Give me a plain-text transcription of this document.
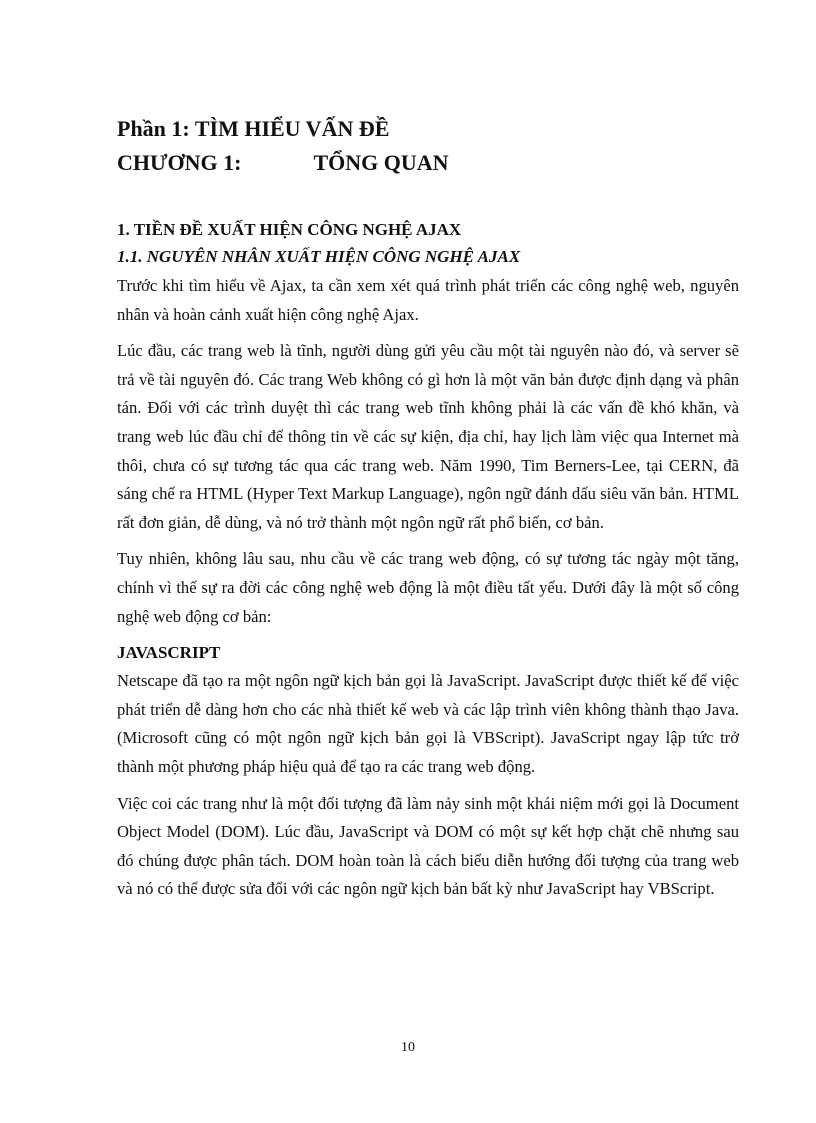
Phần 1: TÌM HIỂU VẤN ĐỀ
CHƯƠNG 1:	TỔNG QUAN
1. TIỀN ĐỀ XUẤT HIỆN CÔNG NGHỆ AJAX
1.1. NGUYÊN NHÂN XUẤT HIỆN CÔNG NGHỆ AJAX

Trước khi tìm hiểu về Ajax, ta cần xem xét quá trình phát triển các công nghệ web, nguyên nhân và hoàn cảnh xuất hiện công nghệ Ajax.

Lúc đầu, các trang web là tĩnh, người dùng gửi yêu cầu một tài nguyên nào đó, và server sẽ trả về tài nguyên đó. Các trang Web không có gì hơn là một văn bản được định dạng và phân tán. Đối với các trình duyệt thì các trang web tĩnh không phải là các vấn đề khó khăn, và trang web lúc đầu chỉ để thông tin về các sự kiện, địa chỉ, hay lịch làm việc qua Internet mà thôi, chưa có sự tương tác qua các trang web. Năm 1990, Tim Berners-Lee, tại CERN, đã sáng chế ra HTML (Hyper Text Markup Language), ngôn ngữ đánh dấu siêu văn bản. HTML rất đơn giản, dễ dùng, và nó trở thành một ngôn ngữ rất phổ biến, cơ bản.

Tuy nhiên, không lâu sau, nhu cầu về các trang web động, có sự tương tác ngày một tăng, chính vì thế sự ra đời các công nghệ web động là một điều tất yếu. Dưới đây là một số công nghệ web động cơ bản:

JAVASCRIPT

Netscape đã tạo ra một ngôn ngữ kịch bản gọi là JavaScript. JavaScript được thiết kế để việc phát triển dễ dàng hơn cho các nhà thiết kế web và các lập trình viên không thành thạo Java. (Microsoft cũng có một ngôn ngữ kịch bản gọi là VBScript). JavaScript ngay lập tức trở thành một phương pháp hiệu quả để tạo ra các trang web động.

Việc coi các trang như là một đối tượng đã làm nảy sinh một khái niệm mới gọi là Document Object Model (DOM). Lúc đầu, JavaScript và DOM có một sự kết hợp chặt chẽ nhưng sau đó chúng được phân tách. DOM hoàn toàn là cách biểu diễn hướng đối tượng của trang web và nó có thể được sửa đổi với các ngôn ngữ kịch bản bất kỳ như JavaScript hay VBScript.

10
